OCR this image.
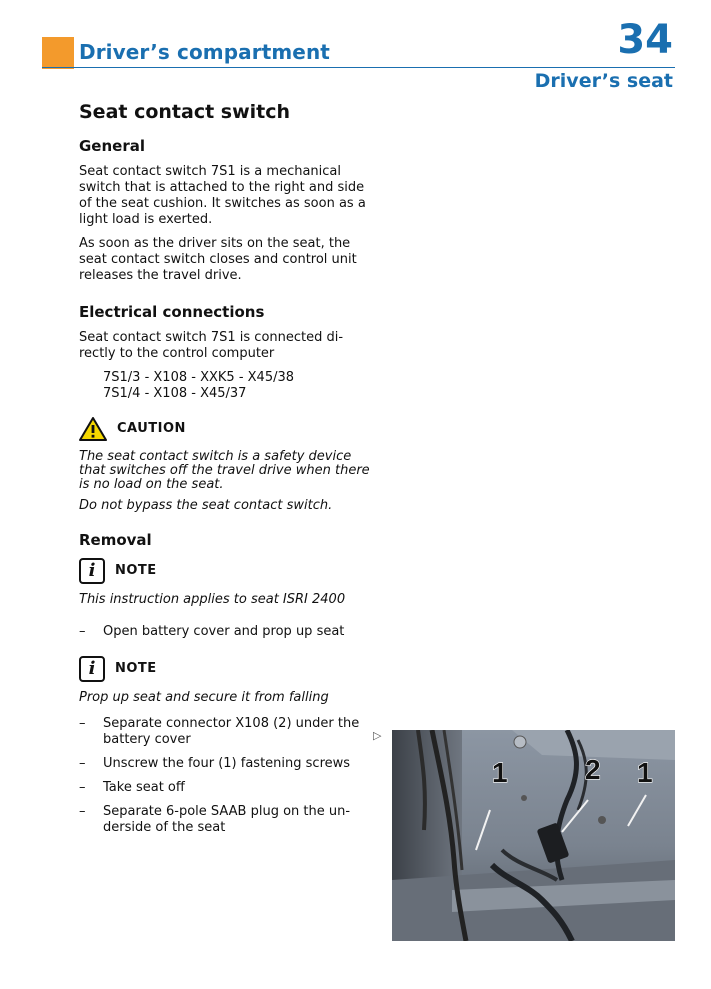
Driver’s compartment	34
Driver’s seat
Seat contact switch
General

Seat contact switch 7S1 is a mechanical switch that is attached to the right and side of the seat cushion. It switches as soon as a light load is exerted.

As soon as the driver sits on the seat, the seat contact switch closes and control unit releases the travel drive.

Electrical connections

Seat contact switch 7S1 is connected di-rectly to the control computer

7S1/3 - X108 - XXK5 - X45/38
7S1/4 - X108 - X45/37
CAUTION
The seat contact switch is a safety device that switches off the travel drive when there is no load on the seat.
Do not bypass the seat contact switch.
Removal
i	NOTE
This instruction applies to seat ISRI 2400
–	Open battery cover and prop up seat
i	NOTE
Prop up seat and secure it from falling
–	Separate connector X108 (2) under the battery cover
–	Unscrew the four (1) fastening screws
–	Take seat off
–	Separate 6-pole SAAB plug on the un-derside of the seat
▷
1	2 1
